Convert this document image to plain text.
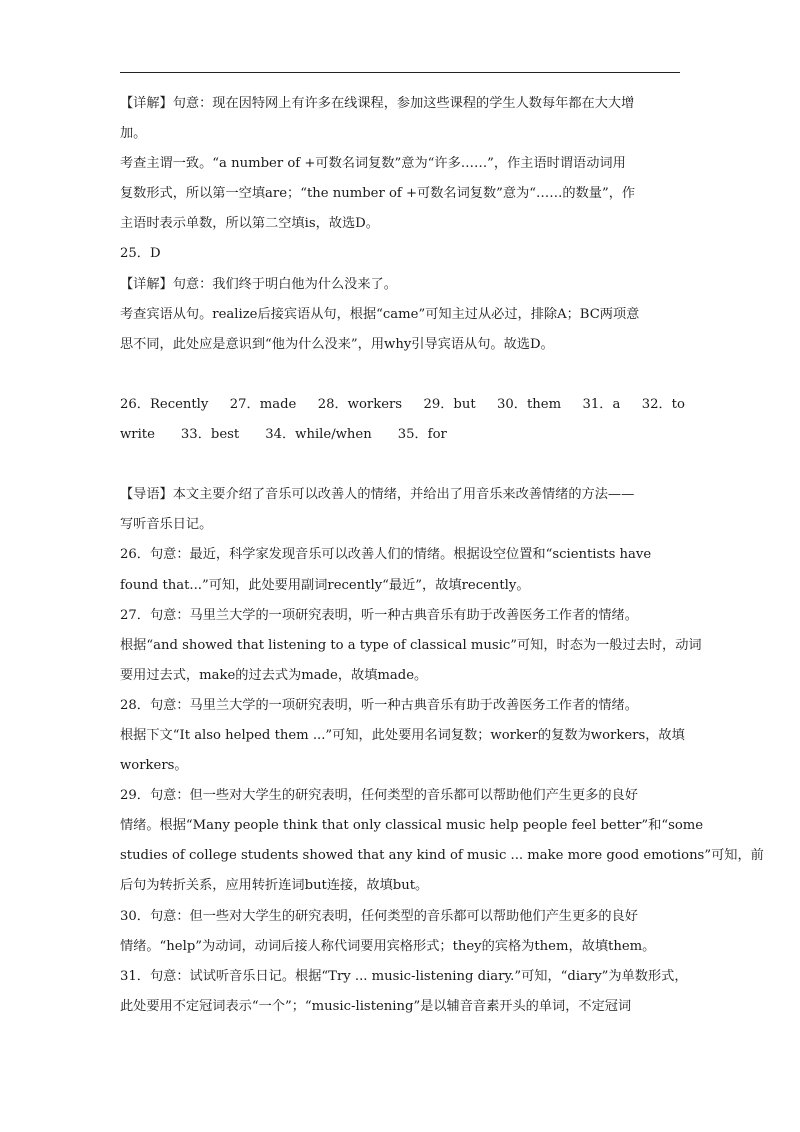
【详解】句意：现在因特网上有许多在线课程，参加这些课程的学生人数每年都在大大增
加。
考查主谓一致。“a number of +可数名词复数”意为“许多……”，作主语时谓语动词用
复数形式，所以第一空填are；“the number of +可数名词复数”意为“……的数量”，作
主语时表示单数，所以第二空填is，故选D。
25．D
【详解】句意：我们终于明白他为什么没来了。
考查宾语从句。realize后接宾语从句，根据“came”可知主过从必过，排除A；BC两项意
思不同，此处应是意识到“他为什么没来”，用why引导宾语从句。故选D。
26．Recently 27．made 28．workers 29．but 30．them 31．a 32．to
write 33．best 34．while/when 35．for
【导语】本文主要介绍了音乐可以改善人的情绪，并给出了用音乐来改善情绪的方法——
写听音乐日记。
26．句意：最近，科学家发现音乐可以改善人们的情绪。根据设空位置和“scientists have
found that...”可知，此处要用副词recently“最近”，故填recently。
27．句意：马里兰大学的一项研究表明，听一种古典音乐有助于改善医务工作者的情绪。
根据“and showed that listening to a type of classical music”可知，时态为一般过去时，动词
要用过去式，make的过去式为made，故填made。
28．句意：马里兰大学的一项研究表明，听一种古典音乐有助于改善医务工作者的情绪。
根据下文“It also helped them ...”可知，此处要用名词复数；worker的复数为workers，故填
workers。
29．句意：但一些对大学生的研究表明，任何类型的音乐都可以帮助他们产生更多的良好
情绪。根据“Many people think that only classical music help people feel better”和“some
studies of college students showed that any kind of music ... make more good emotions”可知，前
后句为转折关系，应用转折连词but连接，故填but。
30．句意：但一些对大学生的研究表明，任何类型的音乐都可以帮助他们产生更多的良好
情绪。“help”为动词，动词后接人称代词要用宾格形式；they的宾格为them，故填them。
31．句意：试试听音乐日记。根据“Try ... music-listening diary.”可知，“diary”为单数形式，
此处要用不定冠词表示“一个”；“music-listening”是以辅音音素开头的单词，不定冠词
